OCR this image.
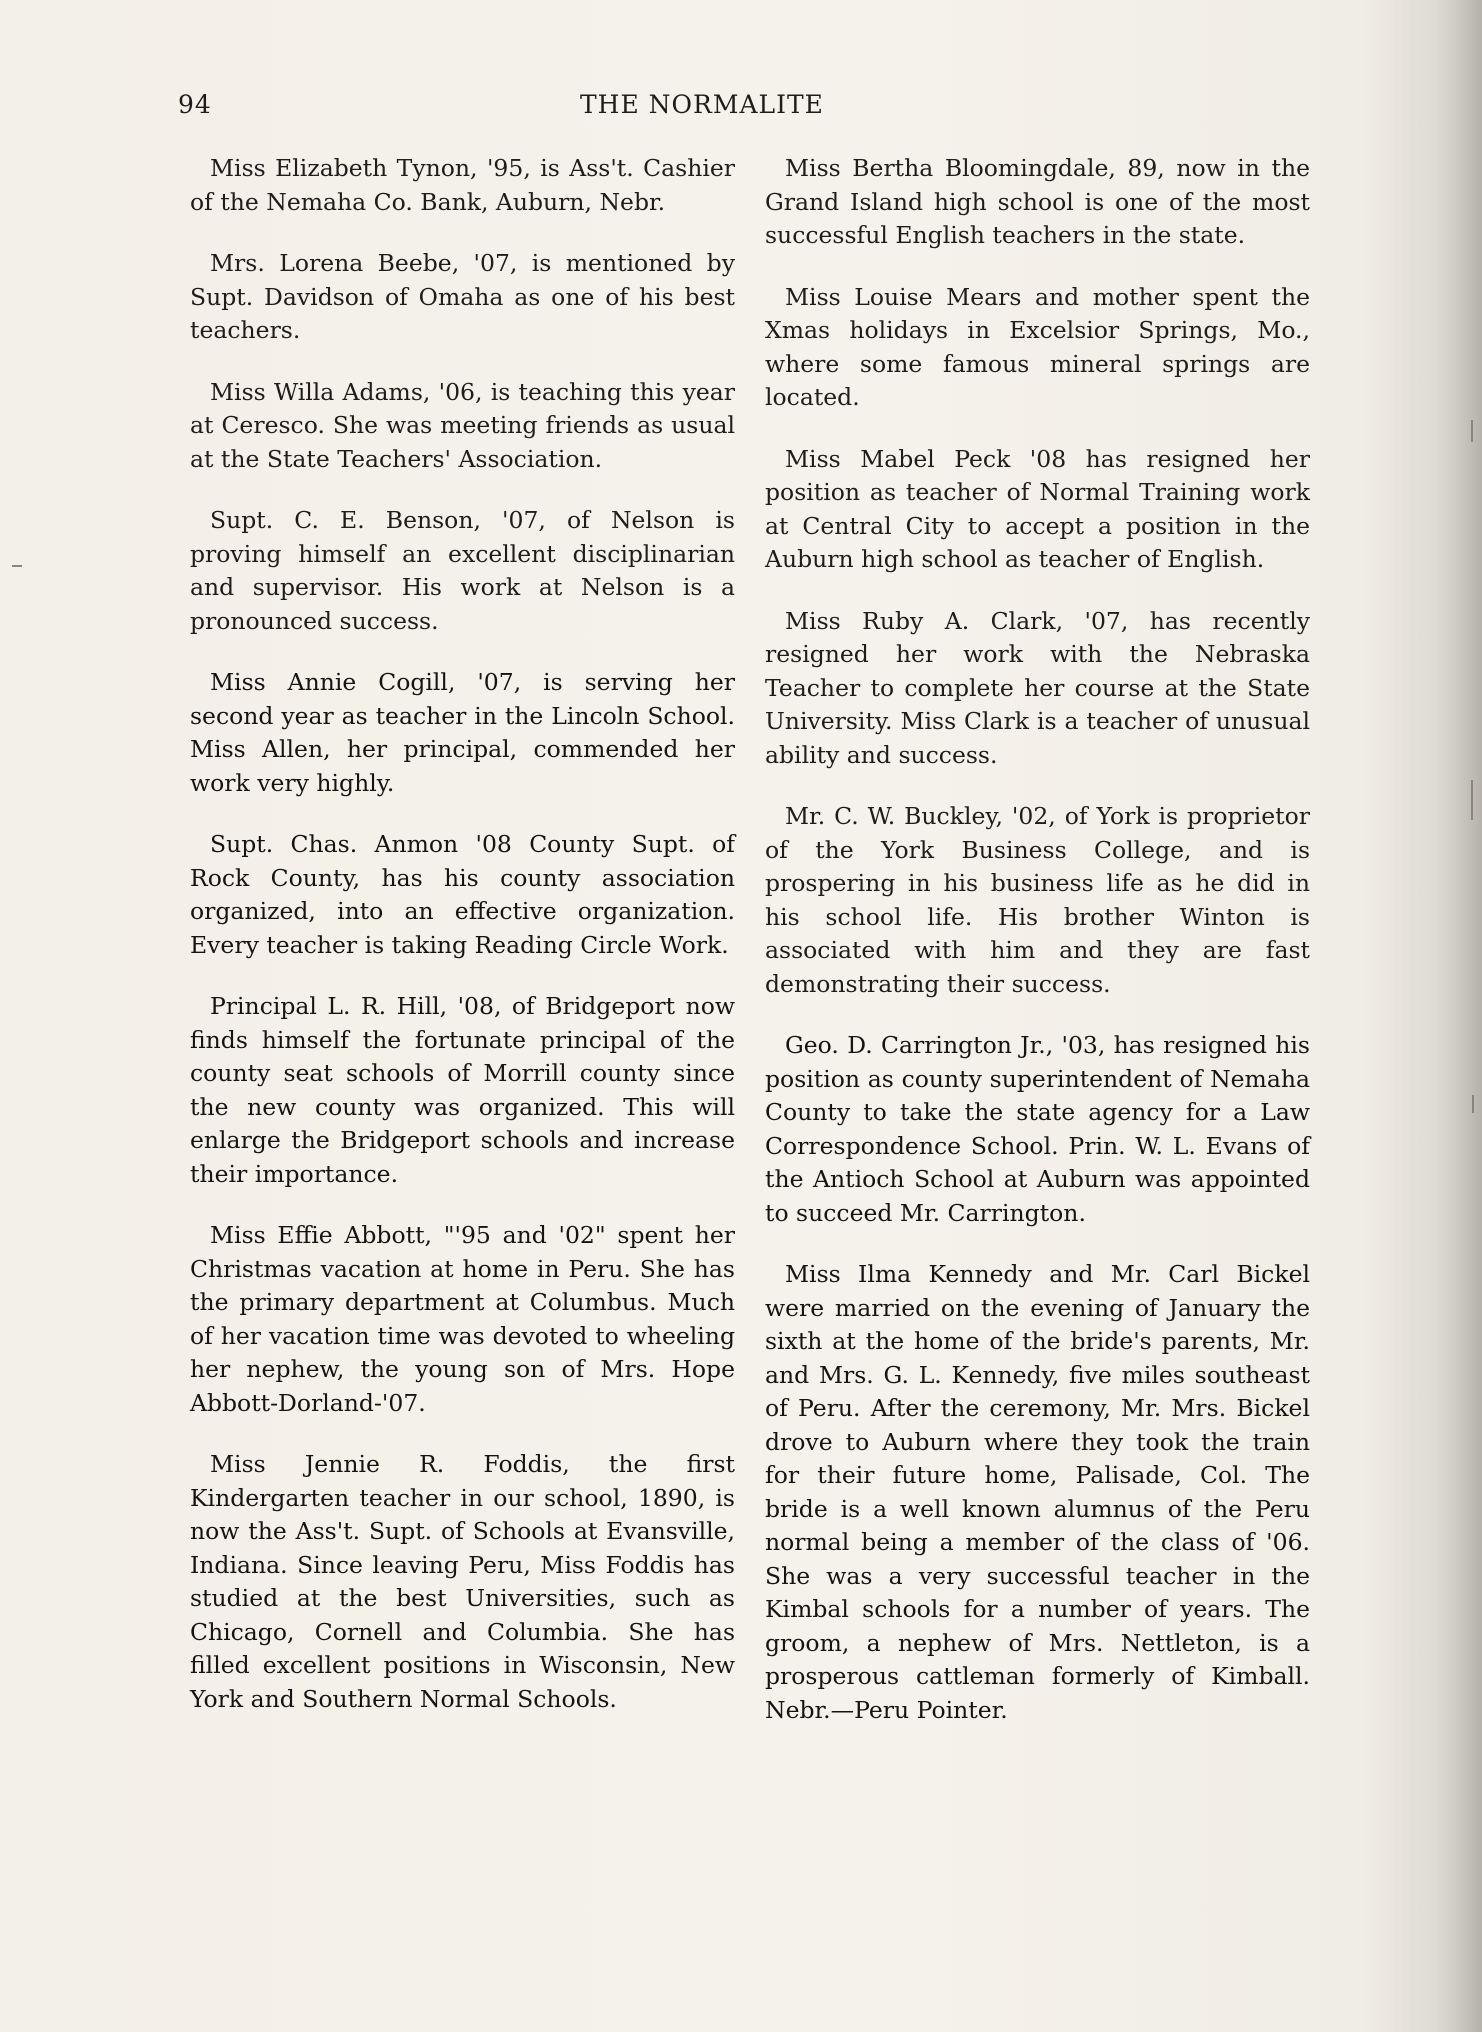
94	THE NORMALITE

Miss Elizabeth Tynon, '95, is Ass't. Cashier of the Nemaha Co. Bank, Auburn, Nebr.

Mrs. Lorena Beebe, '07, is mentioned by Supt. Davidson of Omaha as one of his best teachers.

Miss Willa Adams, '06, is teaching this year at Ceresco. She was meeting friends as usual at the State Teachers' Association.

Supt. C. E. Benson, '07, of Nelson is proving himself an excellent disciplinarian and supervisor. His work at Nelson is a pronounced success.

Miss Annie Cogill, '07, is serving her second year as teacher in the Lincoln School. Miss Allen, her principal, commended her work very highly.

Supt. Chas. Anmon '08 County Supt. of Rock County, has his county association organized, into an effective organization. Every teacher is taking Reading Circle Work.

Principal L. R. Hill, '08, of Bridgeport now finds himself the fortunate principal of the county seat schools of Morrill county since the new county was organized. This will enlarge the Bridgeport schools and increase their importance.

Miss Effie Abbott, "'95 and '02" spent her Christmas vacation at home in Peru. She has the primary department at Columbus. Much of her vacation time was devoted to wheeling her nephew, the young son of Mrs. Hope Abbott-Dorland-'07.

Miss Jennie R. Foddis, the first Kindergarten teacher in our school, 1890, is now the Ass't. Supt. of Schools at Evansville, Indiana. Since leaving Peru, Miss Foddis has studied at the best Universities, such as Chicago, Cornell and Columbia. She has filled excellent positions in Wisconsin, New York and Southern Normal Schools.

Miss Bertha Bloomingdale, 89, now in the Grand Island high school is one of the most successful English teachers in the state.

Miss Louise Mears and mother spent the Xmas holidays in Excelsior Springs, Mo., where some famous mineral springs are located.

Miss Mabel Peck '08 has resigned her position as teacher of Normal Training work at Central City to accept a position in the Auburn high school as teacher of English.

Miss Ruby A. Clark, '07, has recently resigned her work with the Nebraska Teacher to complete her course at the State University. Miss Clark is a teacher of unusual ability and success.

Mr. C. W. Buckley, '02, of York is proprietor of the York Business College, and is prospering in his business life as he did in his school life. His brother Winton is associated with him and they are fast demonstrating their success.

Geo. D. Carrington Jr., '03, has resigned his position as county superintendent of Nemaha County to take the state agency for a Law Correspondence School. Prin. W. L. Evans of the Antioch School at Auburn was appointed to succeed Mr. Carrington.

Miss Ilma Kennedy and Mr. Carl Bickel were married on the evening of January the sixth at the home of the bride's parents, Mr. and Mrs. G. L. Kennedy, five miles southeast of Peru. After the ceremony, Mr. Mrs. Bickel drove to Auburn where they took the train for their future home, Palisade, Col. The bride is a well known alumnus of the Peru normal being a member of the class of '06. She was a very successful teacher in the Kimbal schools for a number of years. The groom, a nephew of Mrs. Nettleton, is a prosperous cattleman formerly of Kimball. Nebr.—Peru Pointer.
